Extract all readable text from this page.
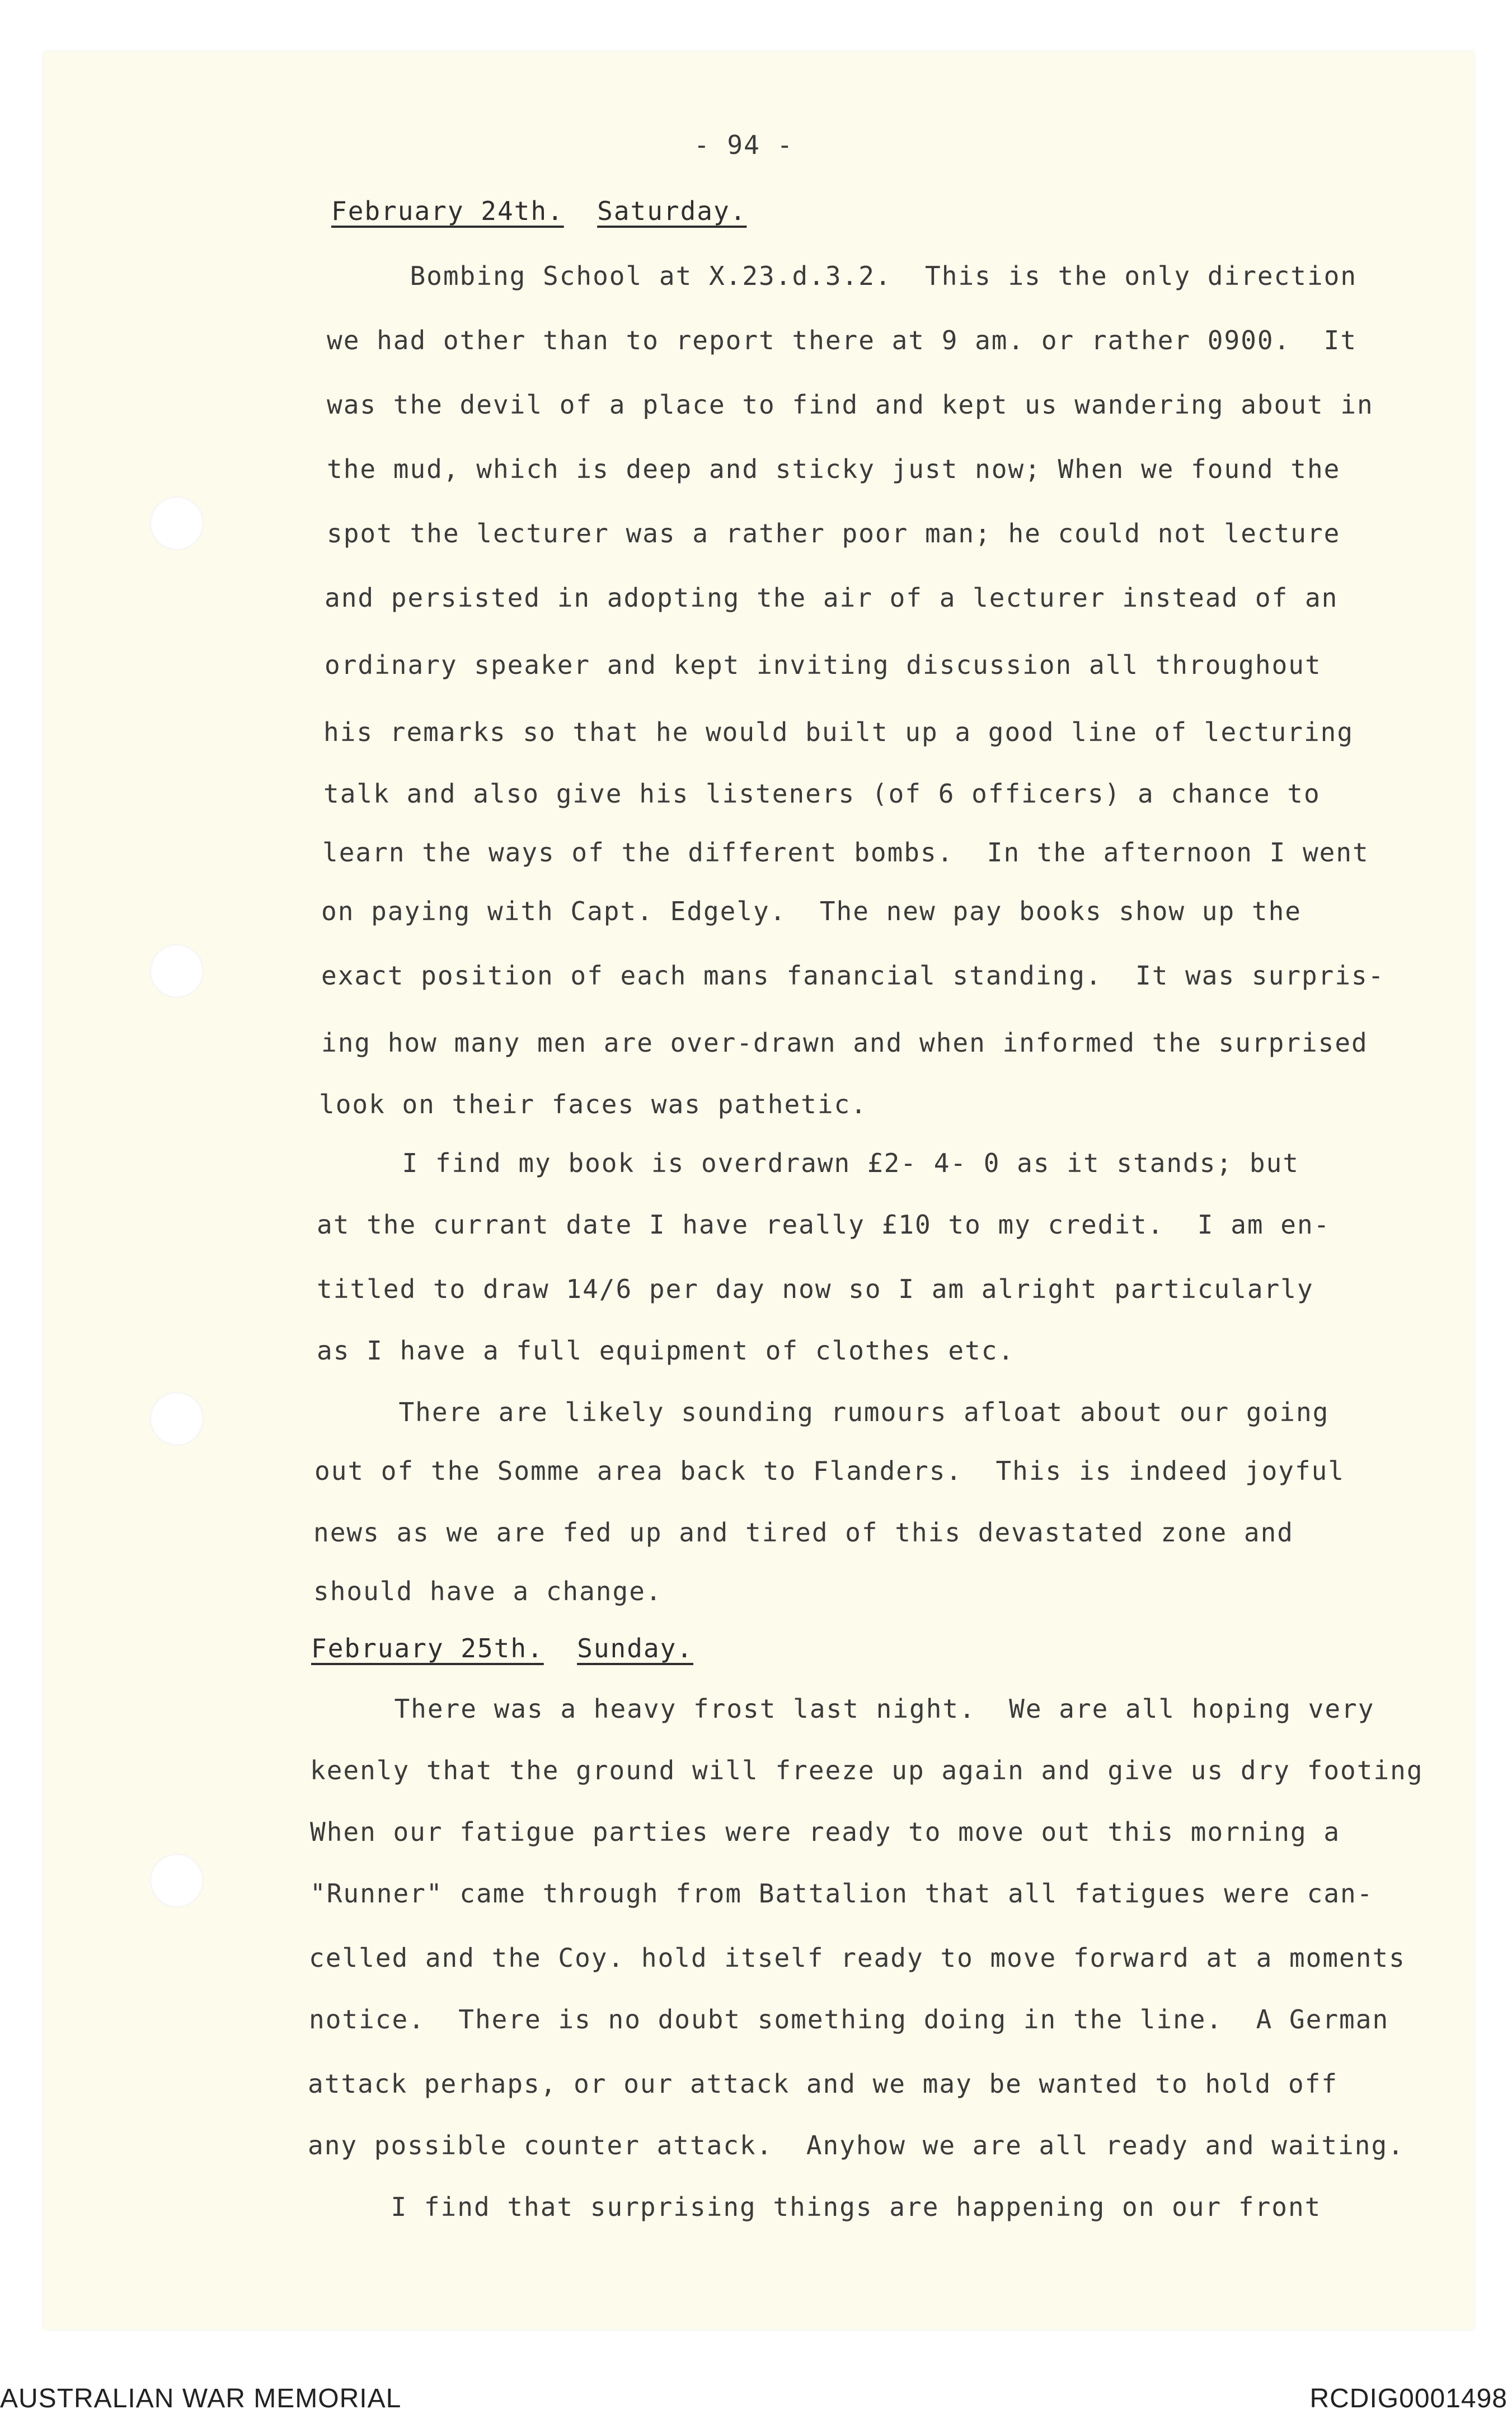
- 94 -
February 24th. Saturday.
Bombing School at X.23.d.3.2.  This is the only direction
we had other than to report there at 9 am. or rather 0900.  It
was the devil of a place to find and kept us wandering about in
the mud, which is deep and sticky just now; When we found the
spot the lecturer was a rather poor man; he could not lecture
and persisted in adopting the air of a lecturer instead of an
ordinary speaker and kept inviting discussion all throughout
his remarks so that he would built up a good line of lecturing
talk and also give his listeners (of 6 officers) a chance to
learn the ways of the different bombs.  In the afternoon I went
on paying with Capt. Edgely.  The new pay books show up the
exact position of each mans fanancial standing.  It was surpris-
ing how many men are over-drawn and when informed the surprised
look on their faces was pathetic.
I find my book is overdrawn £2- 4- 0 as it stands; but
at the currant date I have really £10 to my credit.  I am en-
titled to draw 14/6 per day now so I am alright particularly
as I have a full equipment of clothes etc.
There are likely sounding rumours afloat about our going
out of the Somme area back to Flanders.  This is indeed joyful
news as we are fed up and tired of this devastated zone and
should have a change.
February 25th. Sunday.
There was a heavy frost last night.  We are all hoping very
keenly that the ground will freeze up again and give us dry footing
When our fatigue parties were ready to move out this morning a
"Runner" came through from Battalion that all fatigues were can-
celled and the Coy. hold itself ready to move forward at a moments
notice.  There is no doubt something doing in the line.  A German
attack perhaps, or our attack and we may be wanted to hold off
any possible counter attack.  Anyhow we are all ready and waiting.
I find that surprising things are happening on our front
AUSTRALIAN WAR MEMORIAL	RCDIG0001498
